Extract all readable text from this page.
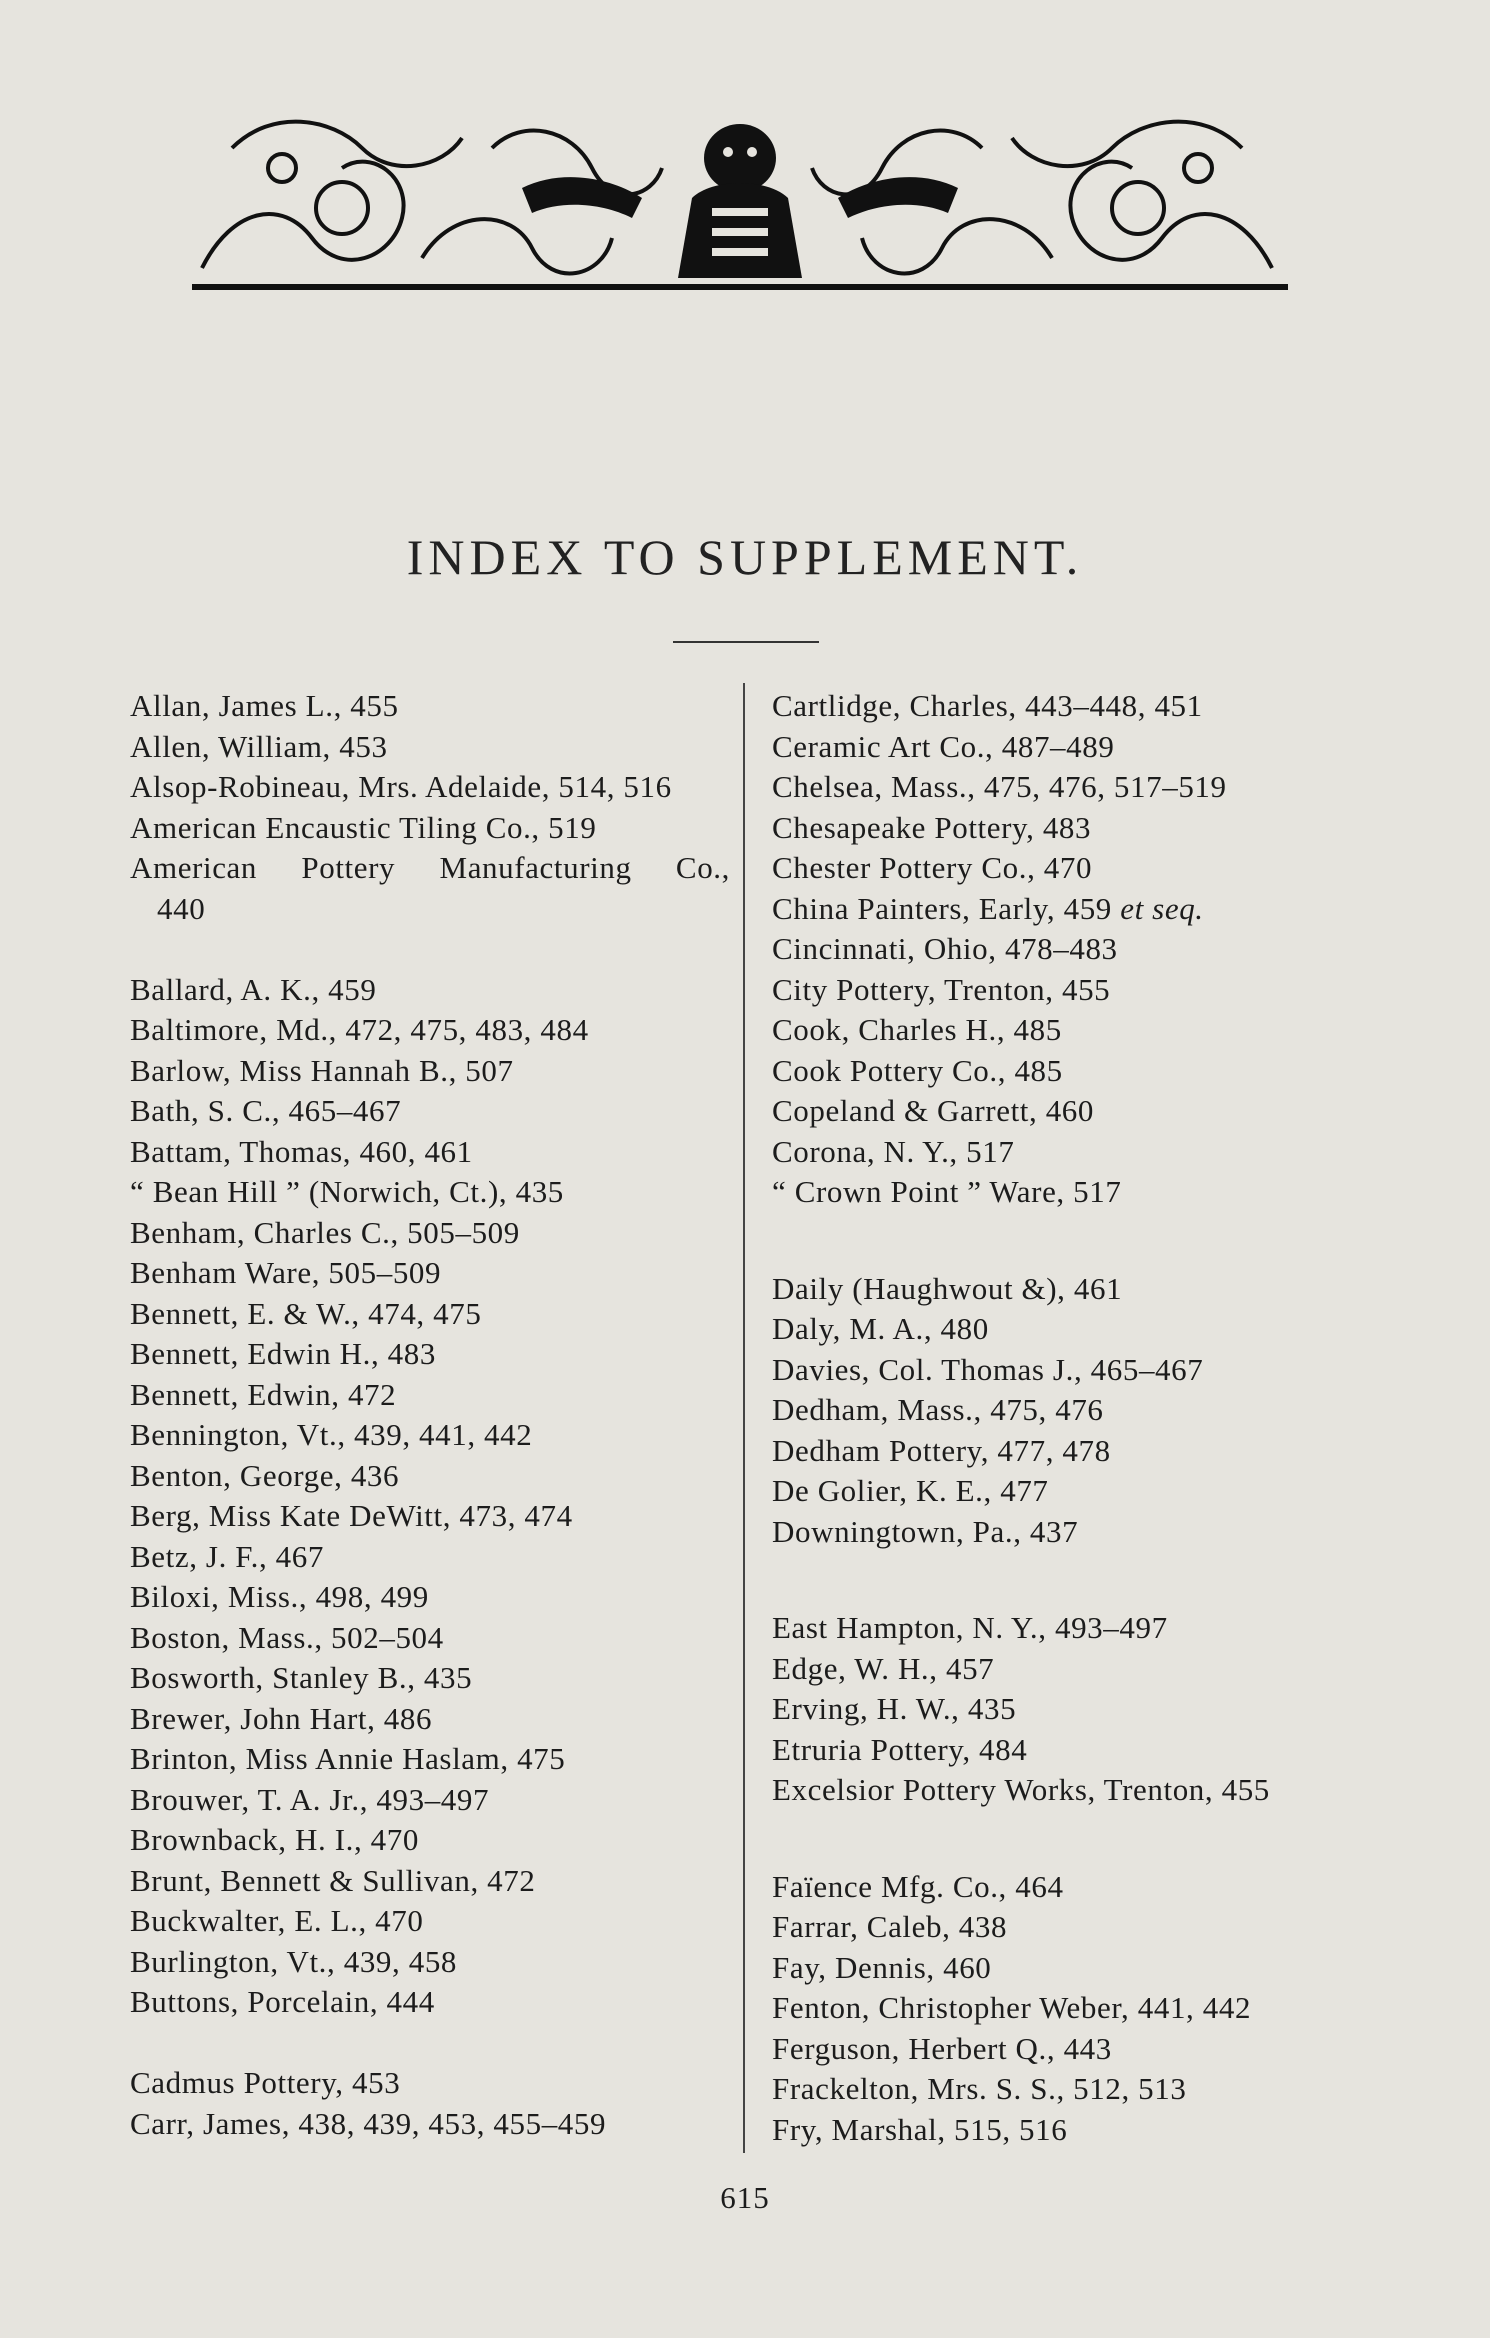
INDEX TO SUPPLEMENT.

Allan, James L., 455

Allen, William, 453

Alsop-Robineau, Mrs. Adelaide, 514, 516

American Encaustic Tiling Co., 519

American Pottery Manufacturing Co.,

440

Ballard, A. K., 459

Baltimore, Md., 472, 475, 483, 484

Barlow, Miss Hannah B., 507

Bath, S. C., 465–467

Battam, Thomas, 460, 461

“ Bean Hill ” (Norwich, Ct.), 435

Benham, Charles C., 505–509

Benham Ware, 505–509

Bennett, E. & W., 474, 475

Bennett, Edwin H., 483

Bennett, Edwin, 472

Bennington, Vt., 439, 441, 442

Benton, George, 436

Berg, Miss Kate DeWitt, 473, 474

Betz, J. F., 467

Biloxi, Miss., 498, 499

Boston, Mass., 502–504

Bosworth, Stanley B., 435

Brewer, John Hart, 486

Brinton, Miss Annie Haslam, 475

Brouwer, T. A. Jr., 493–497

Brownback, H. I., 470

Brunt, Bennett & Sullivan, 472

Buckwalter, E. L., 470

Burlington, Vt., 439, 458

Buttons, Porcelain, 444

Cadmus Pottery, 453

Carr, James, 438, 439, 453, 455–459

Cartlidge, Charles, 443–448, 451

Ceramic Art Co., 487–489

Chelsea, Mass., 475, 476, 517–519

Chesapeake Pottery, 483

Chester Pottery Co., 470

China Painters, Early, 459 et seq.

Cincinnati, Ohio, 478–483

City Pottery, Trenton, 455

Cook, Charles H., 485

Cook Pottery Co., 485

Copeland & Garrett, 460

Corona, N. Y., 517

“ Crown Point ” Ware, 517

Daily (Haughwout &), 461

Daly, M. A., 480

Davies, Col. Thomas J., 465–467

Dedham, Mass., 475, 476

Dedham Pottery, 477, 478

De Golier, K. E., 477

Downingtown, Pa., 437

East Hampton, N. Y., 493–497

Edge, W. H., 457

Erving, H. W., 435

Etruria Pottery, 484

Excelsior Pottery Works, Trenton, 455

Faïence Mfg. Co., 464

Farrar, Caleb, 438

Fay, Dennis, 460

Fenton, Christopher Weber, 441, 442

Ferguson, Herbert Q., 443

Frackelton, Mrs. S. S., 512, 513

Fry, Marshal, 515, 516

615
